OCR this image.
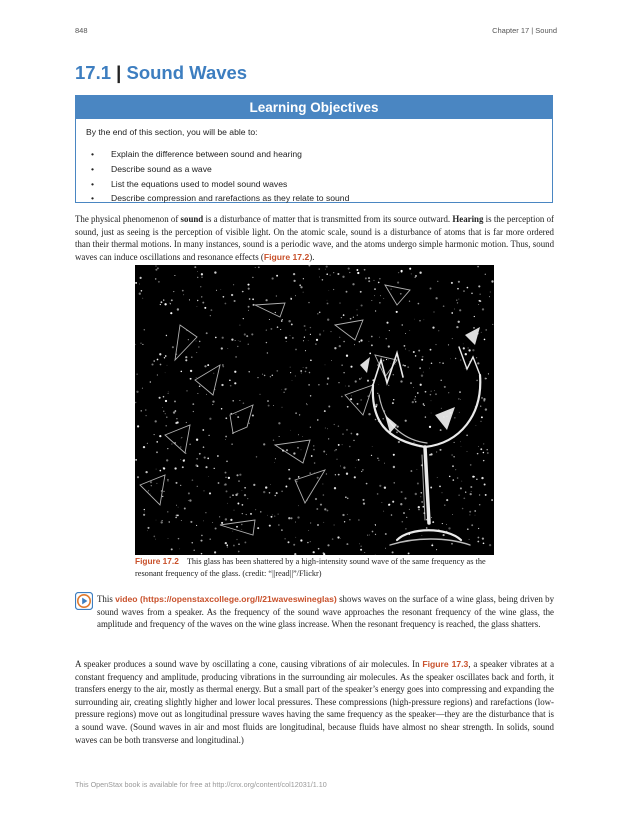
848	Chapter 17 | Sound
17.1 | Sound Waves
Learning Objectives
By the end of this section, you will be able to:
• Explain the difference between sound and hearing
• Describe sound as a wave
• List the equations used to model sound waves
• Describe compression and rarefactions as they relate to sound

The physical phenomenon of sound is a disturbance of matter that is transmitted from its source outward. Hearing is the perception of sound, just as seeing is the perception of visible light. On the atomic scale, sound is a disturbance of atoms that is far more ordered than their thermal motions. In many instances, sound is a periodic wave, and the atoms undergo simple harmonic motion. Thus, sound waves can induce oscillations and resonance effects (Figure 17.2).

Figure 17.2 This glass has been shattered by a high-intensity sound wave of the same frequency as the resonant frequency of the glass. (credit: “||read||”/Flickr)

This video (https://openstaxcollege.org/l/21waveswineglas) shows waves on the surface of a wine glass, being driven by sound waves from a speaker. As the frequency of the sound wave approaches the resonant frequency of the wine glass, the amplitude and frequency of the waves on the wine glass increase. When the resonant frequency is reached, the glass shatters.

A speaker produces a sound wave by oscillating a cone, causing vibrations of air molecules. In Figure 17.3, a speaker vibrates at a constant frequency and amplitude, producing vibrations in the surrounding air molecules. As the speaker oscillates back and forth, it transfers energy to the air, mostly as thermal energy. But a small part of the speaker’s energy goes into compressing and expanding the surrounding air, creating slightly higher and lower local pressures. These compressions (high-pressure regions) and rarefactions (low-pressure regions) move out as longitudinal pressure waves having the same frequency as the speaker—they are the disturbance that is a sound wave. (Sound waves in air and most fluids are longitudinal, because fluids have almost no shear strength. In solids, sound waves can be both transverse and longitudinal.)

This OpenStax book is available for free at http://cnx.org/content/col12031/1.10
